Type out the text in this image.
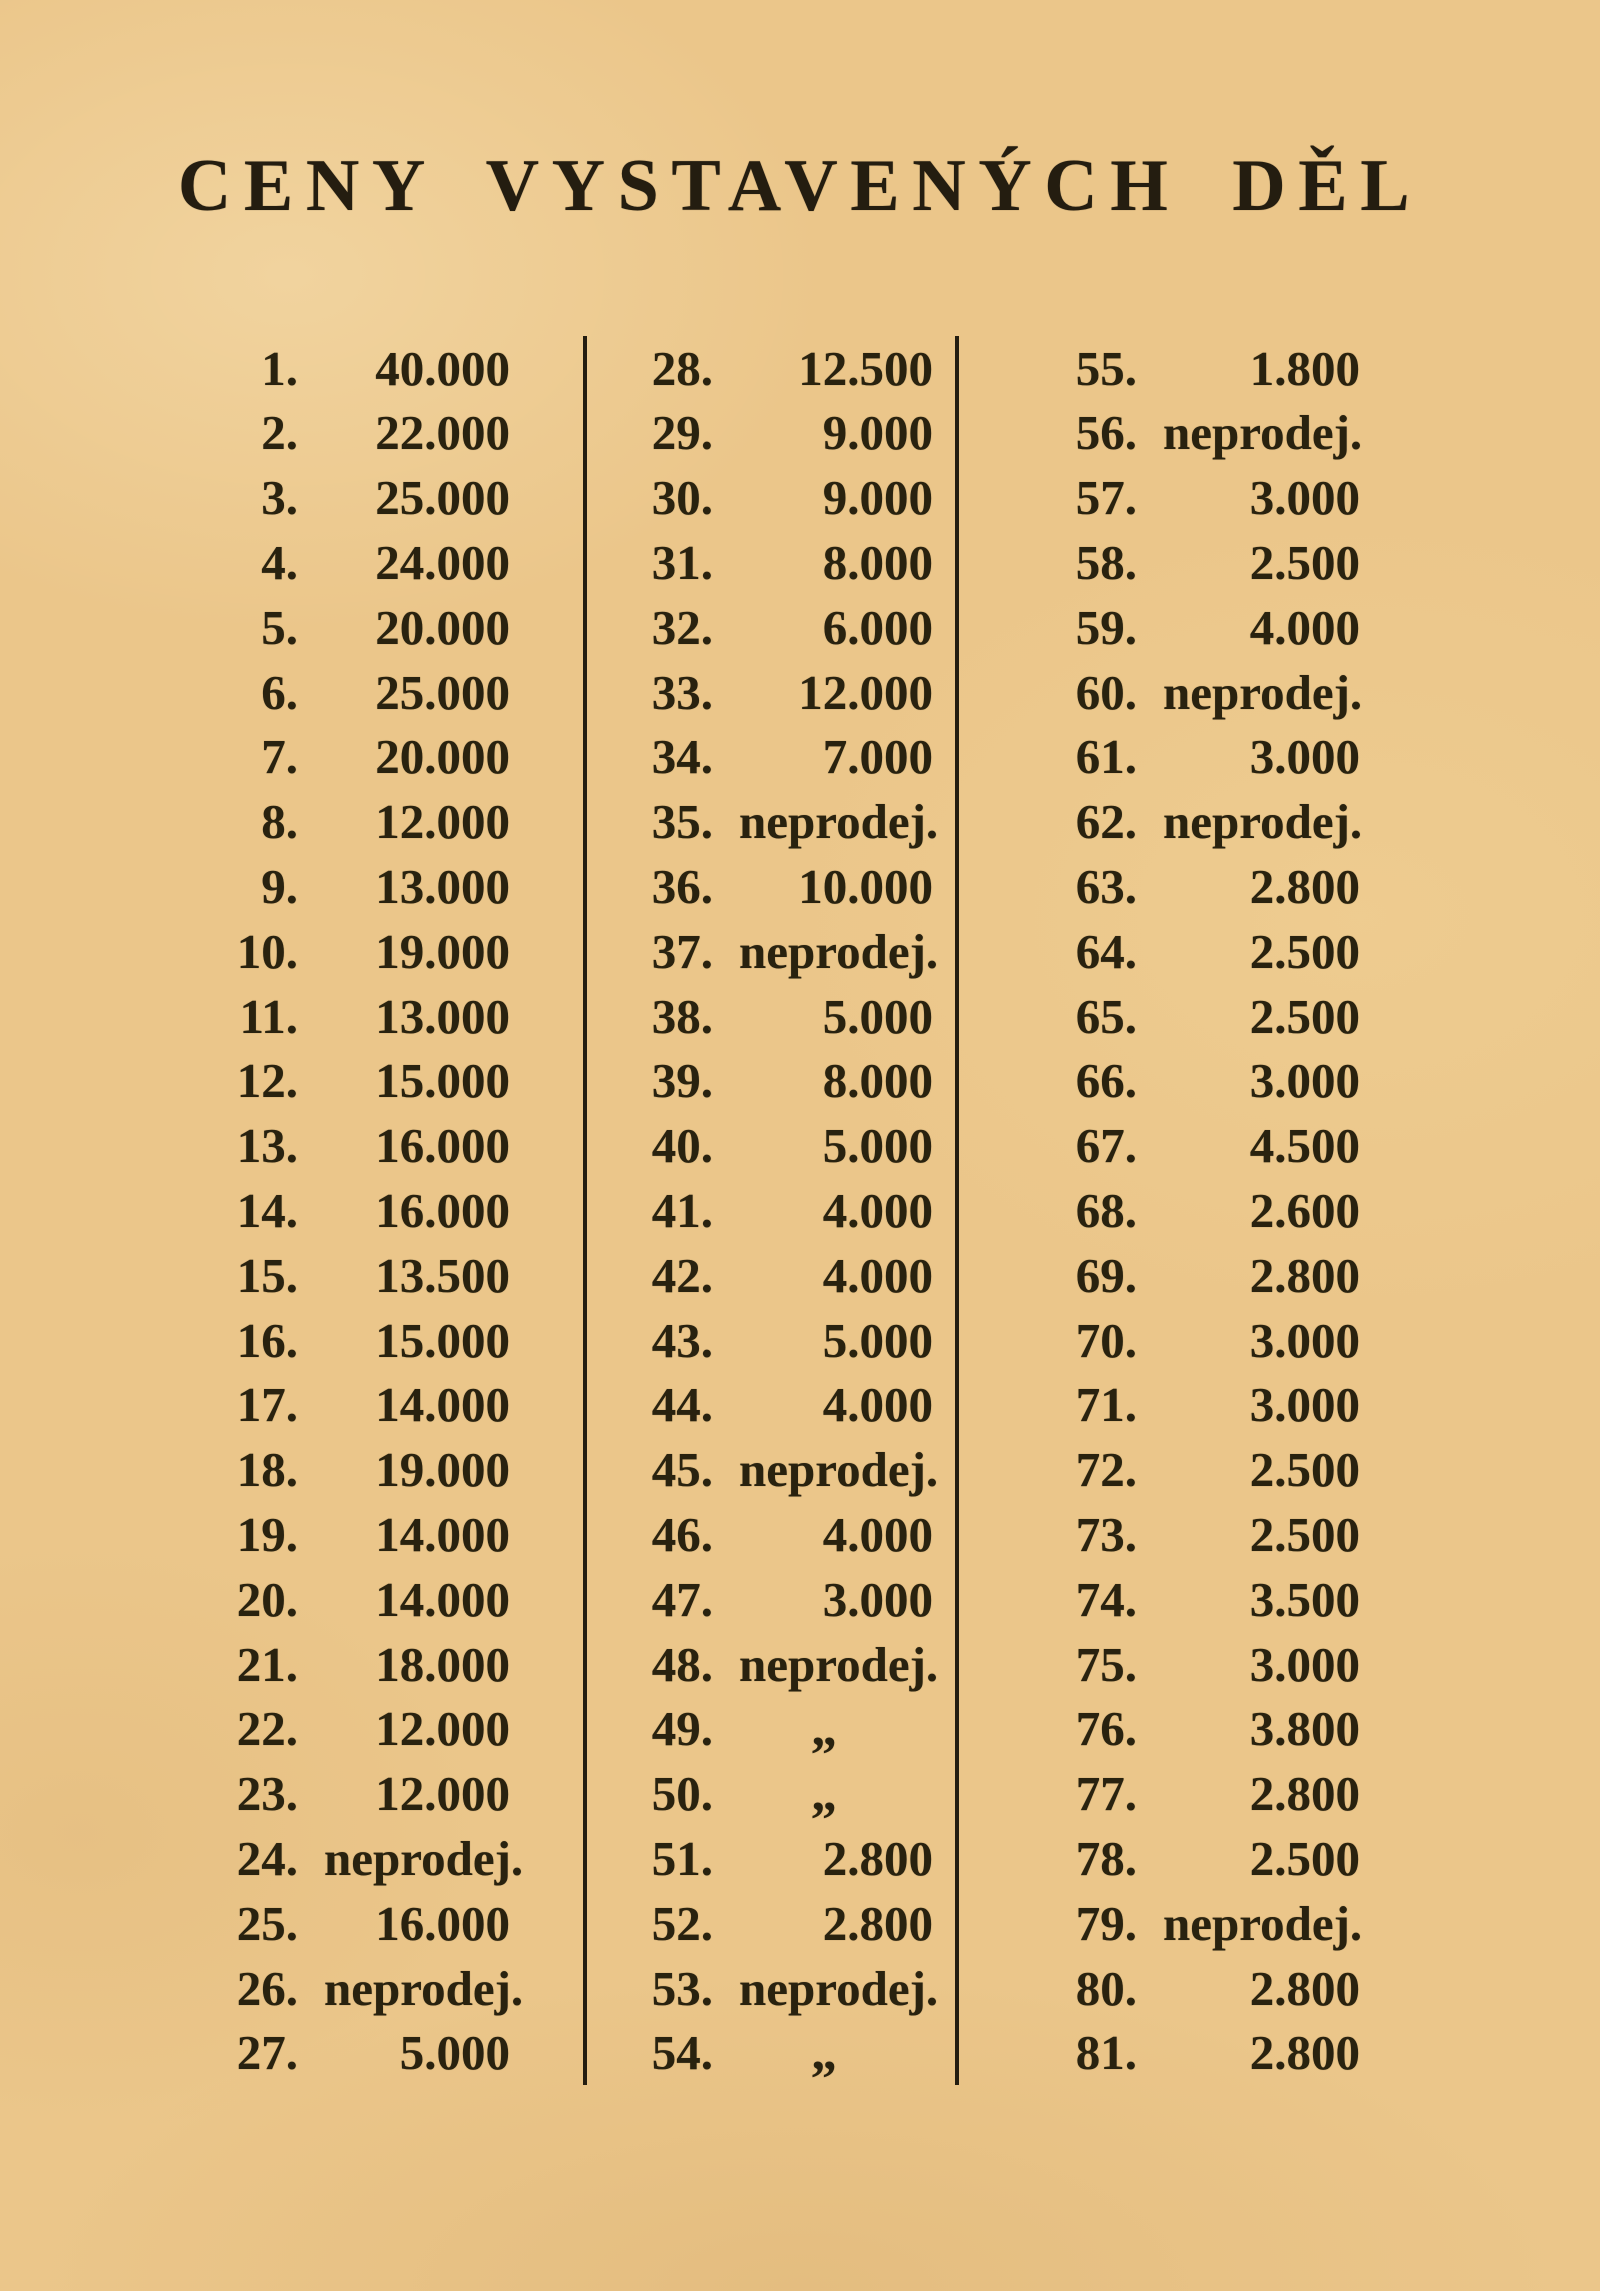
CENY VYSTAVENÝCH DĚL
1.	40.000
2.	22.000
3.	25.000
4.	24.000
5.	20.000
6.	25.000
7.	20.000
8.	12.000
9.	13.000
10.	19.000
11.	13.000
12.	15.000
13.	16.000
14.	16.000
15.	13.500
16.	15.000
17.	14.000
18.	19.000
19.	14.000
20.	14.000
21.	18.000
22.	12.000
23.	12.000
24. neprodej.
25.	16.000
26. neprodej.
27.	5.000
28.	12.500
29.	9.000
30.	9.000
31.	8.000
32.	6.000
33.	12.000
34.	7.000
35. neprodej.
36.	10.000
37. neprodej.
38.	5.000
39.	8.000
40.	5.000
41.	4.000
42.	4.000
43.	5.000
44.	4.000
45. neprodej.
46.	4.000
47.	3.000
48. neprodej.
49.	„
50.	„
51.	2.800
52.	2.800
53. neprodej.
54.	„
55.	1.800
56. neprodej.
57.	3.000
58.	2.500
59.	4.000
60. neprodej.
61.	3.000
62. neprodej.
63.	2.800
64.	2.500
65.	2.500
66.	3.000
67.	4.500
68.	2.600
69.	2.800
70.	3.000
71.	3.000
72.	2.500
73.	2.500
74.	3.500
75.	3.000
76.	3.800
77.	2.800
78.	2.500
79. neprodej.
80.	2.800
81.	2.800
